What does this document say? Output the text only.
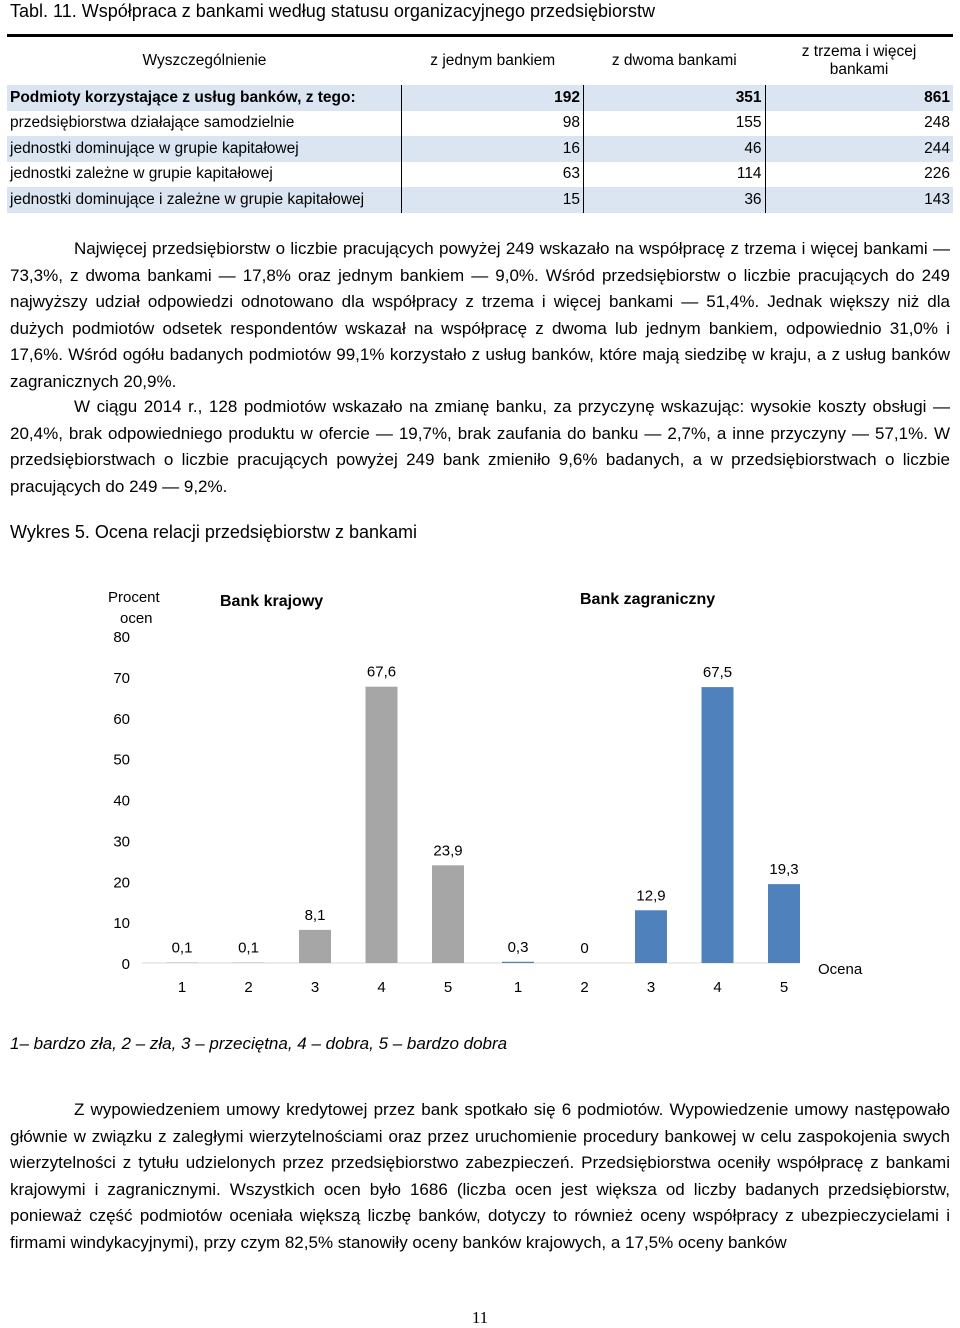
Tabl. 11. Współpraca z bankami według statusu organizacyjnego przedsiębiorstw
Wyszczególnienie	z jednym bankiem	z dwoma bankami	z trzema i więcej bankami
Podmioty korzystające z usług banków, z tego:	192	351	861
przedsiębiorstwa działające samodzielnie	98	155	248
jednostki dominujące w grupie kapitałowej	16	46	244
jednostki zależne w grupie kapitałowej	63	114	226
jednostki dominujące i zależne w grupie kapitałowej	15	36	143

Najwięcej przedsiębiorstw o liczbie pracujących powyżej 249 wskazało na współpracę z trzema i więcej bankami — 73,3%, z dwoma bankami — 17,8% oraz jednym bankiem — 9,0%. Wśród przedsiębiorstw o liczbie pracujących do 249 najwyższy udział odpowiedzi odnotowano dla współpracy z trzema i więcej bankami — 51,4%. Jednak większy niż dla dużych podmiotów odsetek respondentów wskazał na współpracę z dwoma lub jednym bankiem, odpowiednio 31,0% i 17,6%. Wśród ogółu badanych podmiotów 99,1% korzystało z usług banków, które mają siedzibę w kraju, a z usług banków zagranicznych 20,9%.

W ciągu 2014 r., 128 podmiotów wskazało na zmianę banku, za przyczynę wskazując: wysokie koszty obsługi — 20,4%, brak odpowiedniego produktu w ofercie — 19,7%, brak zaufania do banku — 2,7%, a inne przyczyny — 57,1%. W przedsiębiorstwach o liczbie pracujących powyżej 249 bank zmieniło 9,6% badanych, a w przedsiębiorstwach o liczbie pracujących do 249 — 9,2%.

Wykres 5. Ocena relacji przedsiębiorstw z bankami
Procent
ocen
Bank krajowy	Bank zagraniczny
Ocena
0
10
20
30
40
50
60
70
80
0,1
1
0,1
2
8,1
3
67,6
4
23,9
5
0,3
1
0
2
12,9
3
67,5
4
19,3
5
1– bardzo zła, 2 – zła, 3 – przeciętna, 4 – dobra, 5 – bardzo dobra

Z wypowiedzeniem umowy kredytowej przez bank spotkało się 6 podmiotów. Wypowiedzenie umowy następowało głównie w związku z zaległymi wierzytelnościami oraz przez uruchomienie procedury bankowej w celu zaspokojenia swych wierzytelności z tytułu udzielonych przez przedsiębiorstwo zabezpieczeń. Przedsiębiorstwa oceniły współpracę z bankami krajowymi i zagranicznymi. Wszystkich ocen było 1686 (liczba ocen jest większa od liczby badanych przedsiębiorstw, ponieważ część podmiotów oceniała większą liczbę banków, dotyczy to również oceny współpracy z ubezpieczycielami i firmami windykacyjnymi), przy czym 82,5% stanowiły oceny banków krajowych, a 17,5% oceny banków

11
